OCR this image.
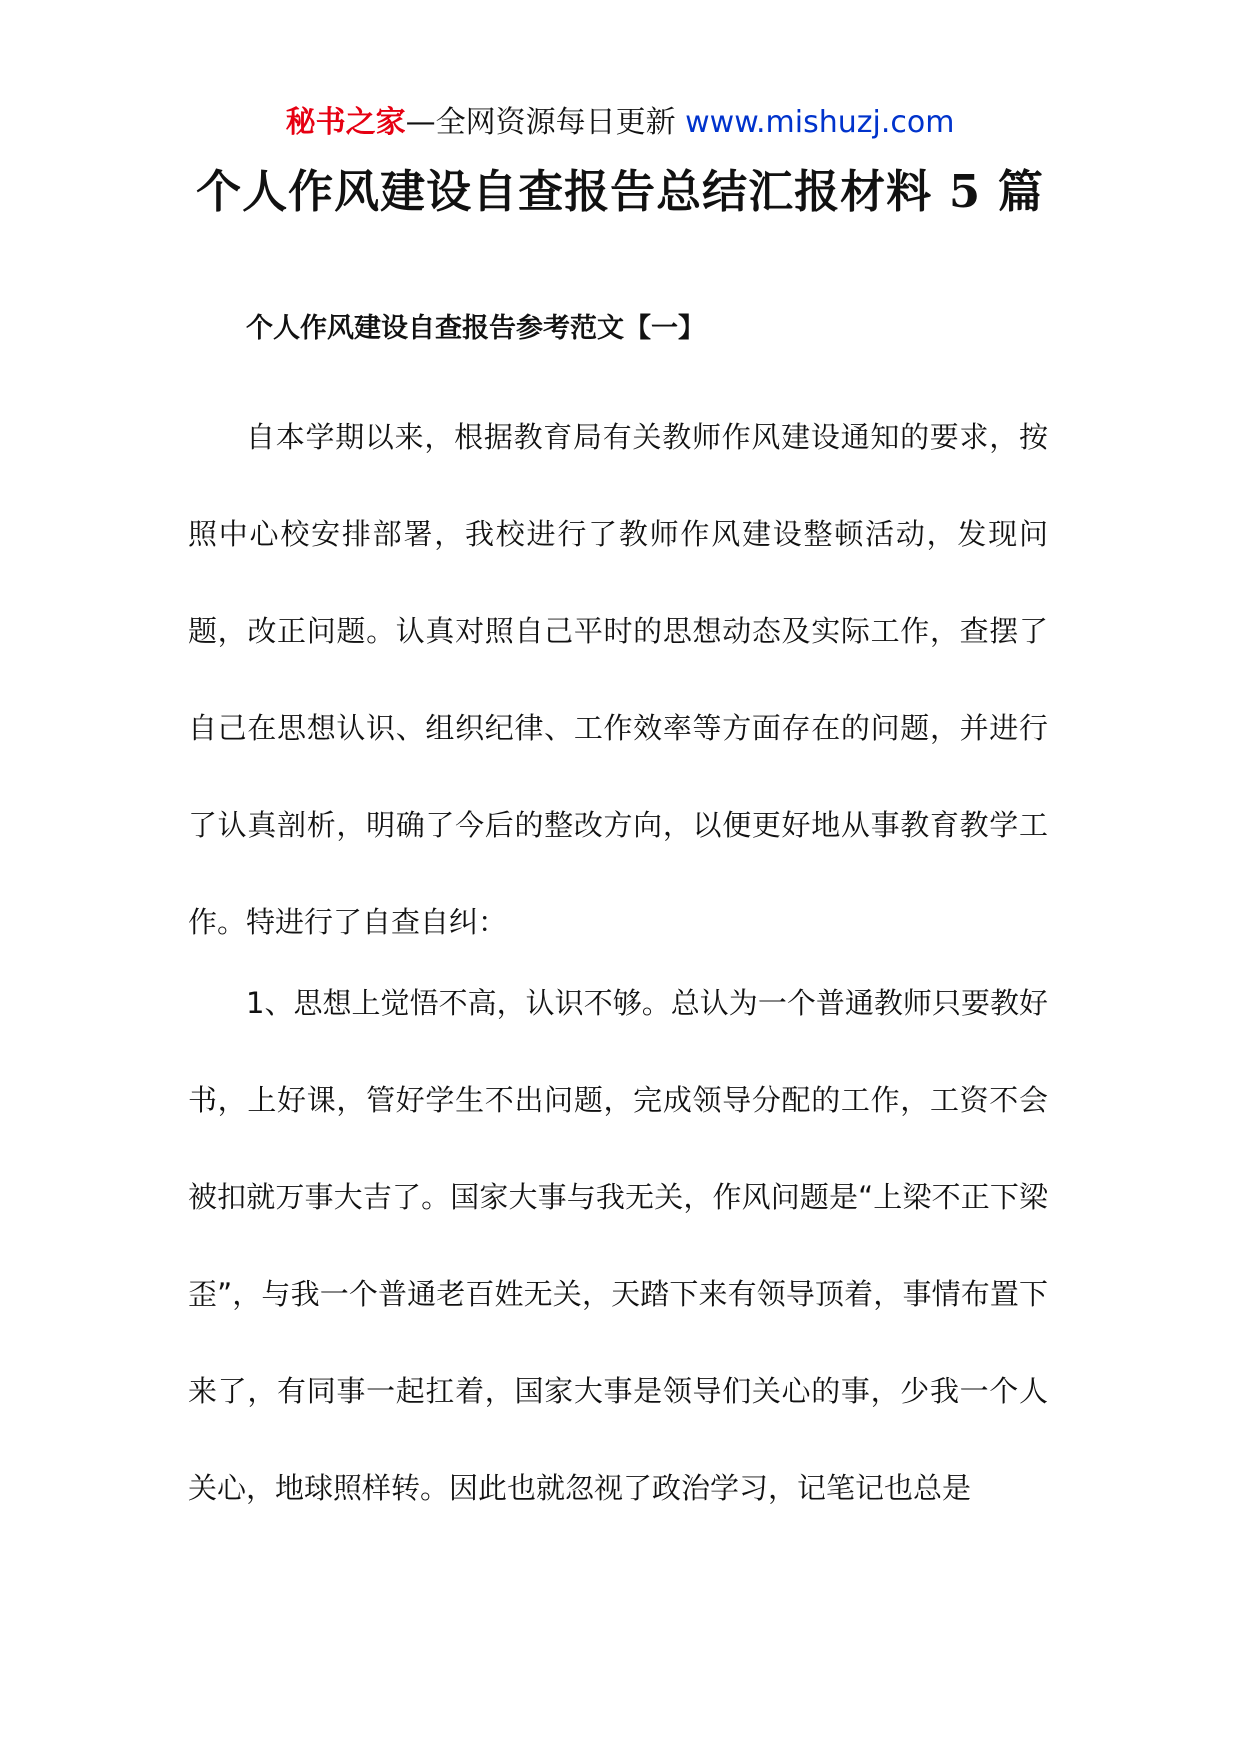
秘书之家—全网资源每日更新 www.mishuzj.com
个人作风建设自查报告总结汇报材料 5 篇
个人作风建设自查报告参考范文【一】

自本学期以来，根据教育局有关教师作风建设通知的要求，按照中心校安排部署，我校进行了教师作风建设整顿活动，发现问题，改正问题。认真对照自己平时的思想动态及实际工作，查摆了自己在思想认识、组织纪律、工作效率等方面存在的问题，并进行了认真剖析，明确了今后的整改方向，以便更好地从事教育教学工作。特进行了自查自纠：

1、思想上觉悟不高，认识不够。总认为一个普通教师只要教好书，上好课，管好学生不出问题，完成领导分配的工作，工资不会被扣就万事大吉了。国家大事与我无关，作风问题是“上梁不正下梁歪”，与我一个普通老百姓无关，天踏下来有领导顶着，事情布置下来了，有同事一起扛着，国家大事是领导们关心的事，少我一个人关心，地球照样转。因此也就忽视了政治学习，记笔记也总是
